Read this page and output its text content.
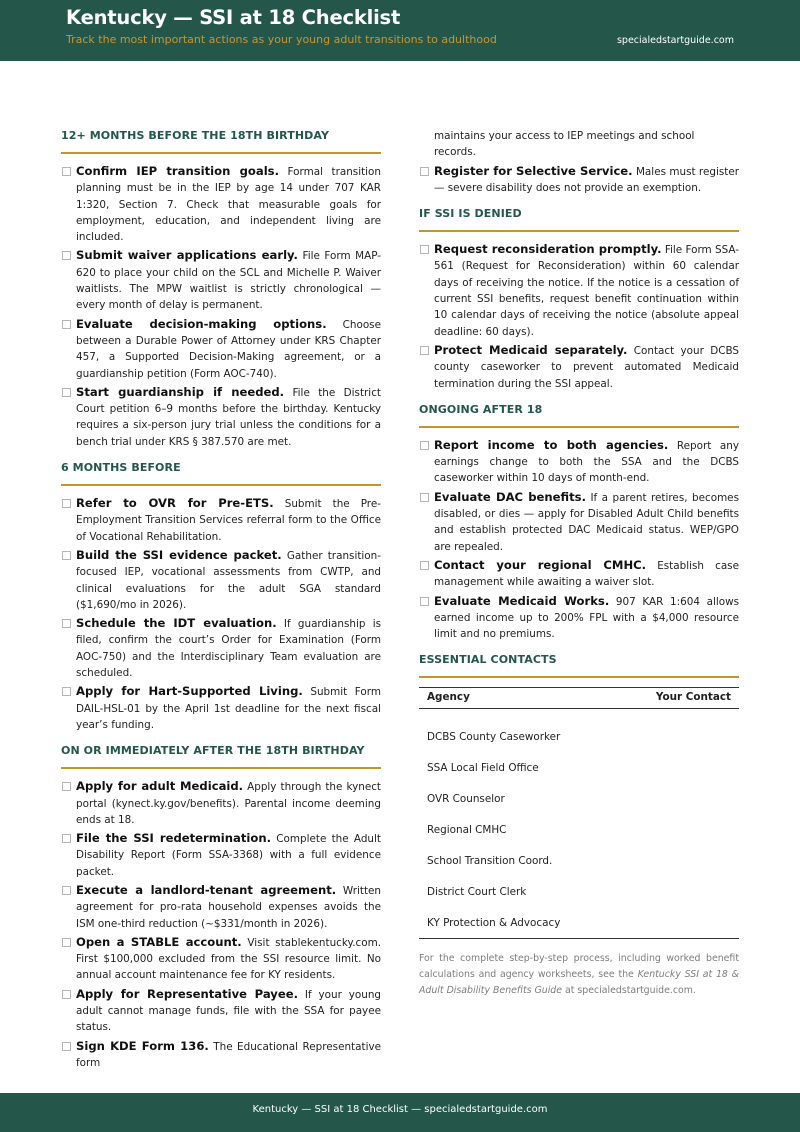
Kentucky — SSI at 18 Checklist
Track the most important actions as your young adult transitions to adulthood	specialedstartguide.com
12+ MONTHS BEFORE THE 18TH BIRTHDAY
Confirm IEP transition goals. Formal transition planning must be in the IEP by age 14 under 707 KAR 1:320, Section 7. Check that measurable goals for employment, education, and independent living are included.
Submit waiver applications early. File Form MAP-620 to place your child on the SCL and Michelle P. Waiver waitlists. The MPW waitlist is strictly chronological — every month of delay is permanent.
Evaluate decision-making options. Choose between a Durable Power of Attorney under KRS Chapter 457, a Supported Decision-Making agreement, or a guardianship petition (Form AOC-740).
Start guardianship if needed. File the District Court petition 6–9 months before the birthday. Kentucky requires a six-person jury trial unless the conditions for a bench trial under KRS § 387.570 are met.
6 MONTHS BEFORE
Refer to OVR for Pre-ETS. Submit the Pre-Employment Transition Services referral form to the Office of Vocational Rehabilitation.
Build the SSI evidence packet. Gather transition-focused IEP, vocational assessments from CWTP, and clinical evaluations for the adult SGA standard ($1,690/mo in 2026).
Schedule the IDT evaluation. If guardianship is filed, confirm the court’s Order for Examination (Form AOC-750) and the Interdisciplinary Team evaluation are scheduled.
Apply for Hart-Supported Living. Submit Form DAIL-HSL-01 by the April 1st deadline for the next fiscal year’s funding.
ON OR IMMEDIATELY AFTER THE 18TH BIRTHDAY
Apply for adult Medicaid. Apply through the kynect portal (kynect.ky.gov/benefits). Parental income deeming ends at 18.
File the SSI redetermination. Complete the Adult Disability Report (Form SSA-3368) with a full evidence packet.
Execute a landlord-tenant agreement. Written agreement for pro-rata household expenses avoids the ISM one-third reduction (~$331/month in 2026).
Open a STABLE account. Visit stablekentucky.com. First $100,000 excluded from the SSI resource limit. No annual account maintenance fee for KY residents.
Apply for Representative Payee. If your young adult cannot manage funds, file with the SSA for payee status.
Sign KDE Form 136. The Educational Representative form
maintains your access to IEP meetings and school records.
Register for Selective Service. Males must register — severe disability does not provide an exemption.
IF SSI IS DENIED
Request reconsideration promptly. File Form SSA-561 (Request for Reconsideration) within 60 calendar days of receiving the notice. If the notice is a cessation of current SSI benefits, request benefit continuation within 10 calendar days of receiving the notice (absolute appeal deadline: 60 days).
Protect Medicaid separately. Contact your DCBS county caseworker to prevent automated Medicaid termination during the SSI appeal.
ONGOING AFTER 18
Report income to both agencies. Report any earnings change to both the SSA and the DCBS caseworker within 10 days of month-end.
Evaluate DAC benefits. If a parent retires, becomes disabled, or dies — apply for Disabled Adult Child benefits and establish protected DAC Medicaid status. WEP/GPO are repealed.
Contact your regional CMHC. Establish case management while awaiting a waiver slot.
Evaluate Medicaid Works. 907 KAR 1:604 allows earned income up to 200% FPL with a $4,000 resource limit and no premiums.
ESSENTIAL CONTACTS
Agency	Your Contact
DCBS County Caseworker	
SSA Local Field Office	
OVR Counselor	
Regional CMHC	
School Transition Coord.	
District Court Clerk	
KY Protection & Advocacy	
For the complete step-by-step process, including worked benefit calculations and agency worksheets, see the Kentucky SSI at 18 & Adult Disability Benefits Guide at specialedstartguide.com.
Kentucky — SSI at 18 Checklist — specialedstartguide.com
